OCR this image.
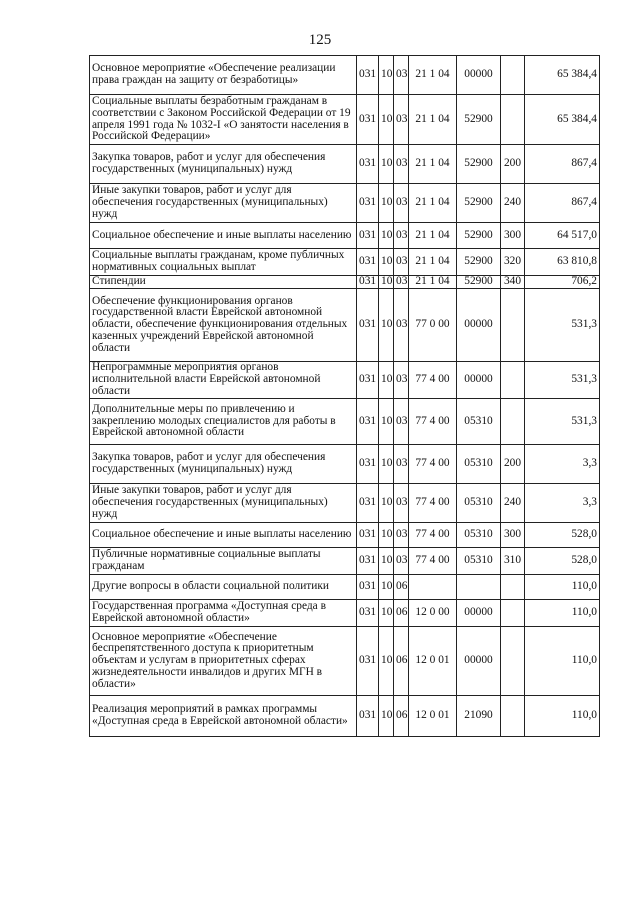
125
Основное мероприятие «Обеспечение реализации права граждан на защиту от безработицы»	031	10	03	21 1 04	00000		65 384,4
Социальные выплаты безработным гражданам в соответствии с Законом Российской Федерации от 19 апреля 1991 года № 1032-I «О занятости населения в Российской Федерации»	031	10	03	21 1 04	52900		65 384,4
Закупка товаров, работ и услуг для обеспечения государственных (муниципальных) нужд	031	10	03	21 1 04	52900	200	867,4
Иные закупки товаров, работ и услуг для обеспечения государственных (муниципальных) нужд	031	10	03	21 1 04	52900	240	867,4
Социальное обеспечение и иные выплаты населению	031	10	03	21 1 04	52900	300	64 517,0
Социальные выплаты гражданам, кроме публичных нормативных социальных выплат	031	10	03	21 1 04	52900	320	63 810,8
Стипендии	031	10	03	21 1 04	52900	340	706,2
Обеспечение функционирования органов государственной власти Еврейской автономной области, обеспечение функционирования отдельных казенных учреждений Еврейской автономной области	031	10	03	77 0 00	00000		531,3
Непрограммные мероприятия органов исполнительной власти Еврейской автономной области	031	10	03	77 4 00	00000		531,3
Дополнительные меры по привлечению и закреплению молодых специалистов для работы в Еврейской автономной области	031	10	03	77 4 00	05310		531,3
Закупка товаров, работ и услуг для обеспечения государственных (муниципальных) нужд	031	10	03	77 4 00	05310	200	3,3
Иные закупки товаров, работ и услуг для обеспечения государственных (муниципальных) нужд	031	10	03	77 4 00	05310	240	3,3
Социальное обеспечение и иные выплаты населению	031	10	03	77 4 00	05310	300	528,0
Публичные нормативные социальные выплаты гражданам	031	10	03	77 4 00	05310	310	528,0
Другие вопросы в области социальной политики	031	10	06				110,0
Государственная программа «Доступная среда в Еврейской автономной области»	031	10	06	12 0 00	00000		110,0
Основное мероприятие «Обеспечение беспрепятственного доступа к приоритетным объектам и услугам в приоритетных сферах жизнедеятельности инвалидов и других МГН в области»	031	10	06	12 0 01	00000		110,0
Реализация мероприятий в рамках программы «Доступная среда в Еврейской автономной области»	031	10	06	12 0 01	21090		110,0
